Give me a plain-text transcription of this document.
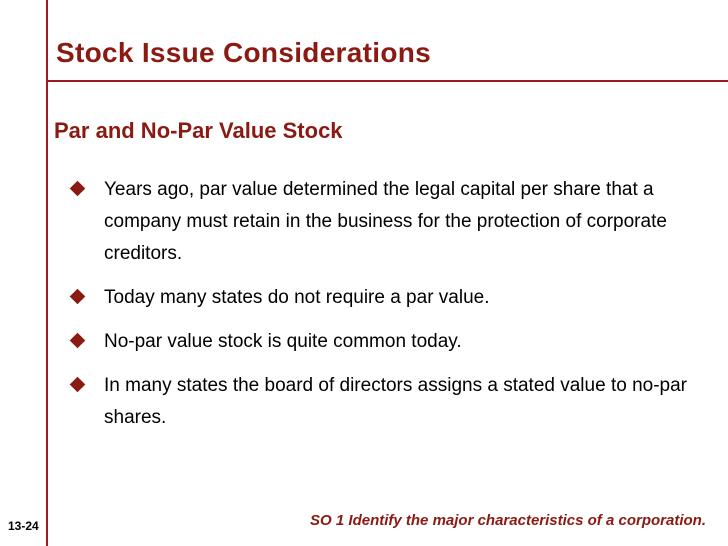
Stock Issue Considerations
Par and No-Par Value Stock
Years ago, par value determined the legal capital per share that a company must retain in the business for the protection of corporate creditors.
Today many states do not require a par value.
No-par value stock is quite common today.
In many states the board of directors assigns a stated value to no-par shares.
13-24	SO 1 Identify the major characteristics of a corporation.
